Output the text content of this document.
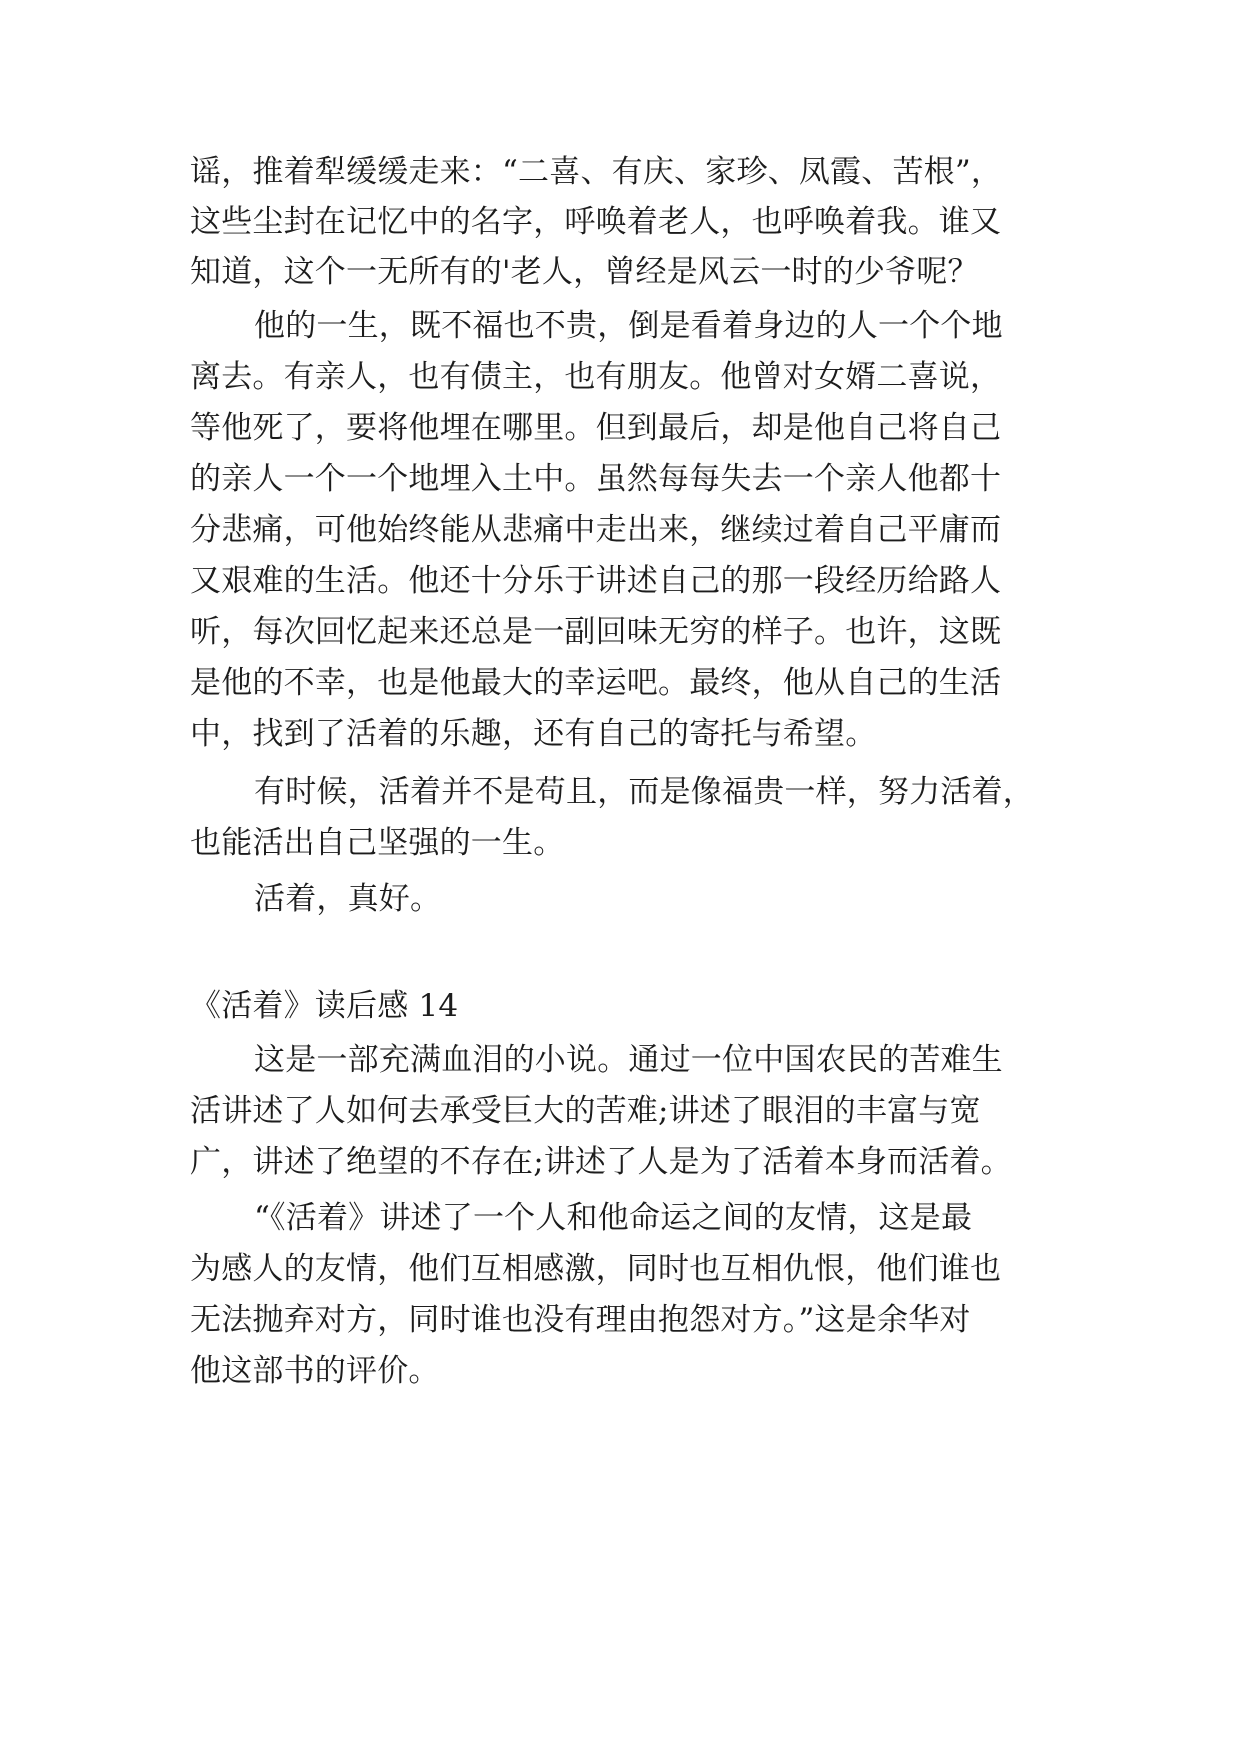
谣，推着犁缓缓走来：“二喜、有庆、家珍、凤霞、苦根”，
这些尘封在记忆中的名字，呼唤着老人，也呼唤着我。谁又
知道，这个一无所有的'老人，曾经是风云一时的少爷呢？
他的一生，既不福也不贵，倒是看着身边的人一个个地
离去。有亲人，也有债主，也有朋友。他曾对女婿二喜说，
等他死了，要将他埋在哪里。但到最后，却是他自己将自己
的亲人一个一个地埋入土中。虽然每每失去一个亲人他都十
分悲痛，可他始终能从悲痛中走出来，继续过着自己平庸而
又艰难的生活。他还十分乐于讲述自己的那一段经历给路人
听，每次回忆起来还总是一副回味无穷的样子。也许，这既
是他的不幸，也是他最大的幸运吧。最终，他从自己的生活
中，找到了活着的乐趣，还有自己的寄托与希望。
有时候，活着并不是苟且，而是像福贵一样，努力活着，
也能活出自己坚强的一生。
活着，真好。
《活着》读后感 14
这是一部充满血泪的小说。通过一位中国农民的苦难生
活讲述了人如何去承受巨大的苦难;讲述了眼泪的丰富与宽
广，讲述了绝望的不存在;讲述了人是为了活着本身而活着。
“《活着》讲述了一个人和他命运之间的友情，这是最
为感人的友情，他们互相感激，同时也互相仇恨，他们谁也
无法抛弃对方，同时谁也没有理由抱怨对方。”这是余华对
他这部书的评价。
